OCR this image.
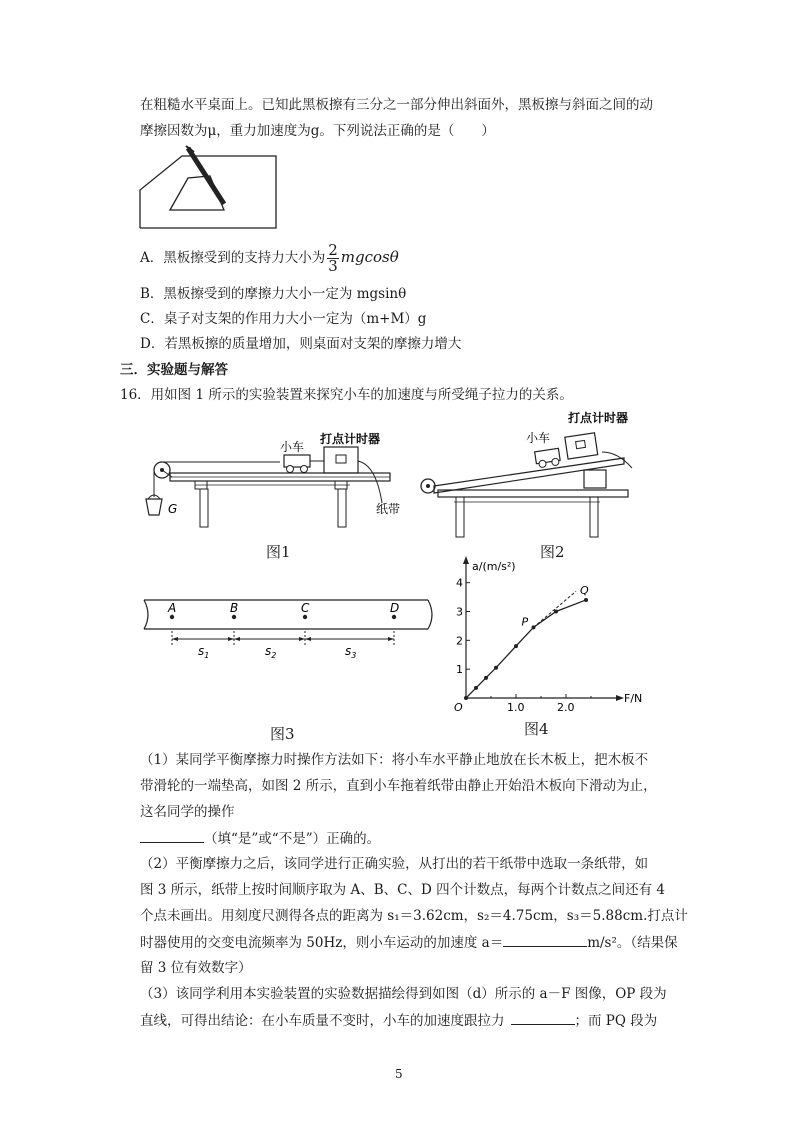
在粗糙水平桌面上。已知此黑板擦有三分之一部分伸出斜面外，黑板擦与斜面之间的动
摩擦因数为μ，重力加速度为g。下列说法正确的是（　　）
A．黑板擦受到的支持力大小为 $\frac{2}{3}$ mgcosθ
B．黑板擦受到的摩擦力大小一定为 mgsinθ
C．桌子对支架的作用力大小一定为（m+M）g
D．若黑板擦的质量增加，则桌面对支架的摩擦力增大
三．实验题与解答
16．用如图 1 所示的实验装置来探究小车的加速度与所受绳子拉力的关系。
G
小车
打点计时器
纸带
图1
小车
打点计时器
图2
A	B	C	D
$s_1$	$s_2$	$s_3$
图3
1
2
3
4
1.0	2.0
a/(m/s²)
F/N
O
P
Q
图4
（1）某同学平衡摩擦力时操作方法如下：将小车水平静止地放在长木板上，把木板不
带滑轮的一端垫高，如图 2 所示，直到小车拖着纸带由静止开始沿木板向下滑动为止，
这名同学的操作
（填“是”或“不是”）正确的。
（2）平衡摩擦力之后，该同学进行正确实验，从打出的若干纸带中选取一条纸带，如
图 3 所示，纸带上按时间顺序取为 A、B、C、D 四个计数点，每两个计数点之间还有 4
个点未画出。用刻度尺测得各点的距离为 s₁＝3.62cm，s₂＝4.75cm，s₃＝5.88cm.打点计
时器使用的交变电流频率为 50Hz，则小车运动的加速度 a＝	m/s²。（结果保
留 3 位有效数字）
（3）该同学利用本实验装置的实验数据描绘得到如图（d）所示的 a－F 图像，OP 段为
直线，可得出结论：在小车质量不变时，小车的加速度跟拉力	；而 PQ 段为
5
